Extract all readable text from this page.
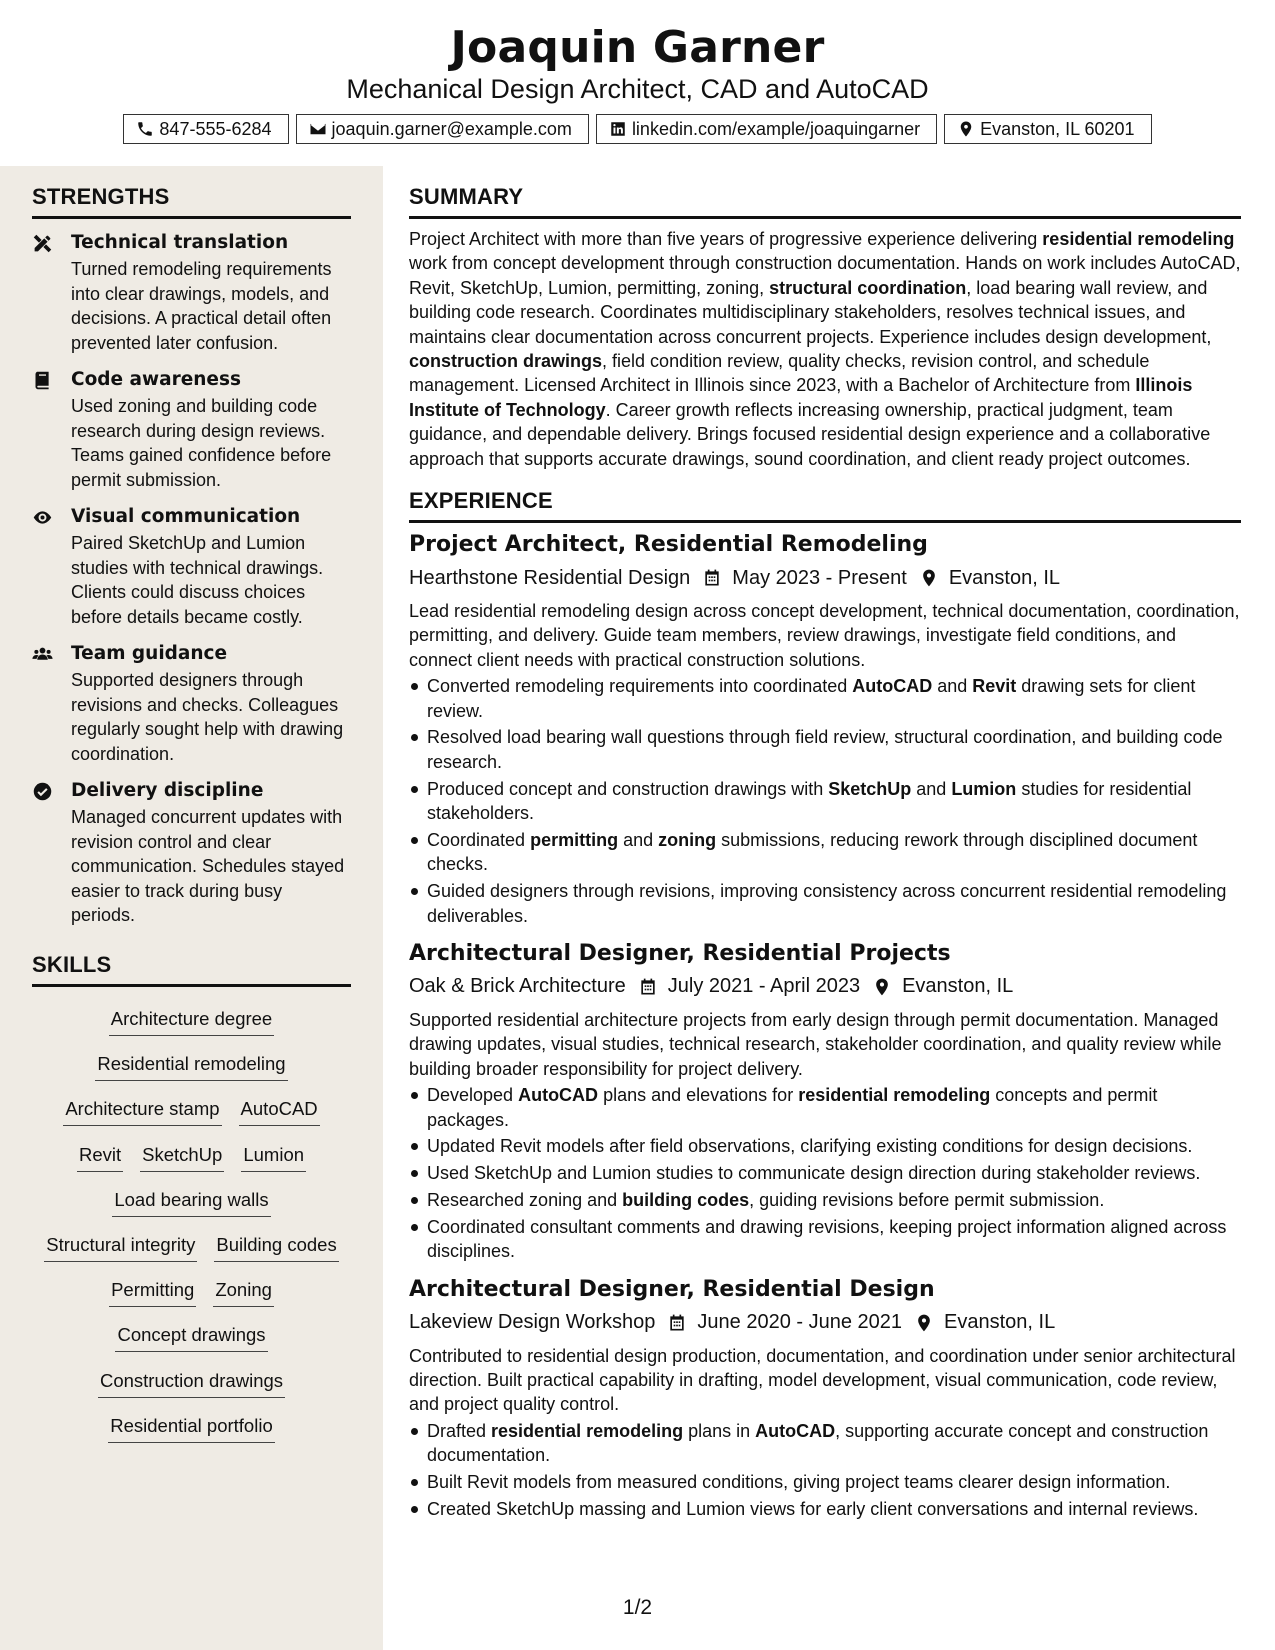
Joaquin Garner
Mechanical Design Architect, CAD and AutoCAD
847-555-6284	joaquin.garner@example.com	linkedin.com/example/joaquingarner	Evanston, IL 60201
STRENGTHS
Technical translation
Turned remodeling requirements into clear drawings, models, and decisions. A practical detail often prevented later confusion.
Code awareness
Used zoning and building code research during design reviews. Teams gained confidence before permit submission.
Visual communication
Paired SketchUp and Lumion studies with technical drawings. Clients could discuss choices before details became costly.
Team guidance
Supported designers through revisions and checks. Colleagues regularly sought help with drawing coordination.
Delivery discipline
Managed concurrent updates with revision control and clear communication. Schedules stayed easier to track during busy periods.
SKILLS
Architecture degree
Residential remodeling
Architecture stamp AutoCAD
Revit SketchUp Lumion
Load bearing walls
Structural integrity Building codes
Permitting Zoning
Concept drawings
Construction drawings
Residential portfolio
SUMMARY
Project Architect with more than five years of progressive experience delivering residential remodeling work from concept development through construction documentation. Hands on work includes AutoCAD, Revit, SketchUp, Lumion, permitting, zoning, structural coordination, load bearing wall review, and building code research. Coordinates multidisciplinary stakeholders, resolves technical issues, and maintains clear documentation across concurrent projects. Experience includes design development, construction drawings, field condition review, quality checks, revision control, and schedule management. Licensed Architect in Illinois since 2023, with a Bachelor of Architecture from Illinois Institute of Technology. Career growth reflects increasing ownership, practical judgment, team guidance, and dependable delivery. Brings focused residential design experience and a collaborative approach that supports accurate drawings, sound coordination, and client ready project outcomes.
EXPERIENCE
Project Architect, Residential Remodeling
Hearthstone Residential Design May 2023 - Present Evanston, IL
Lead residential remodeling design across concept development, technical documentation, coordination, permitting, and delivery. Guide team members, review drawings, investigate field conditions, and connect client needs with practical construction solutions.
Converted remodeling requirements into coordinated AutoCAD and Revit drawing sets for client review.
Resolved load bearing wall questions through field review, structural coordination, and building code research.
Produced concept and construction drawings with SketchUp and Lumion studies for residential stakeholders.
Coordinated permitting and zoning submissions, reducing rework through disciplined document checks.
Guided designers through revisions, improving consistency across concurrent residential remodeling deliverables.
Architectural Designer, Residential Projects
Oak & Brick Architecture July 2021 - April 2023 Evanston, IL
Supported residential architecture projects from early design through permit documentation. Managed drawing updates, visual studies, technical research, stakeholder coordination, and quality review while building broader responsibility for project delivery.
Developed AutoCAD plans and elevations for residential remodeling concepts and permit packages.
Updated Revit models after field observations, clarifying existing conditions for design decisions.
Used SketchUp and Lumion studies to communicate design direction during stakeholder reviews.
Researched zoning and building codes, guiding revisions before permit submission.
Coordinated consultant comments and drawing revisions, keeping project information aligned across disciplines.
Architectural Designer, Residential Design
Lakeview Design Workshop June 2020 - June 2021 Evanston, IL
Contributed to residential design production, documentation, and coordination under senior architectural direction. Built practical capability in drafting, model development, visual communication, code review, and project quality control.
Drafted residential remodeling plans in AutoCAD, supporting accurate concept and construction documentation.
Built Revit models from measured conditions, giving project teams clearer design information.
Created SketchUp massing and Lumion views for early client conversations and internal reviews.
1/2
